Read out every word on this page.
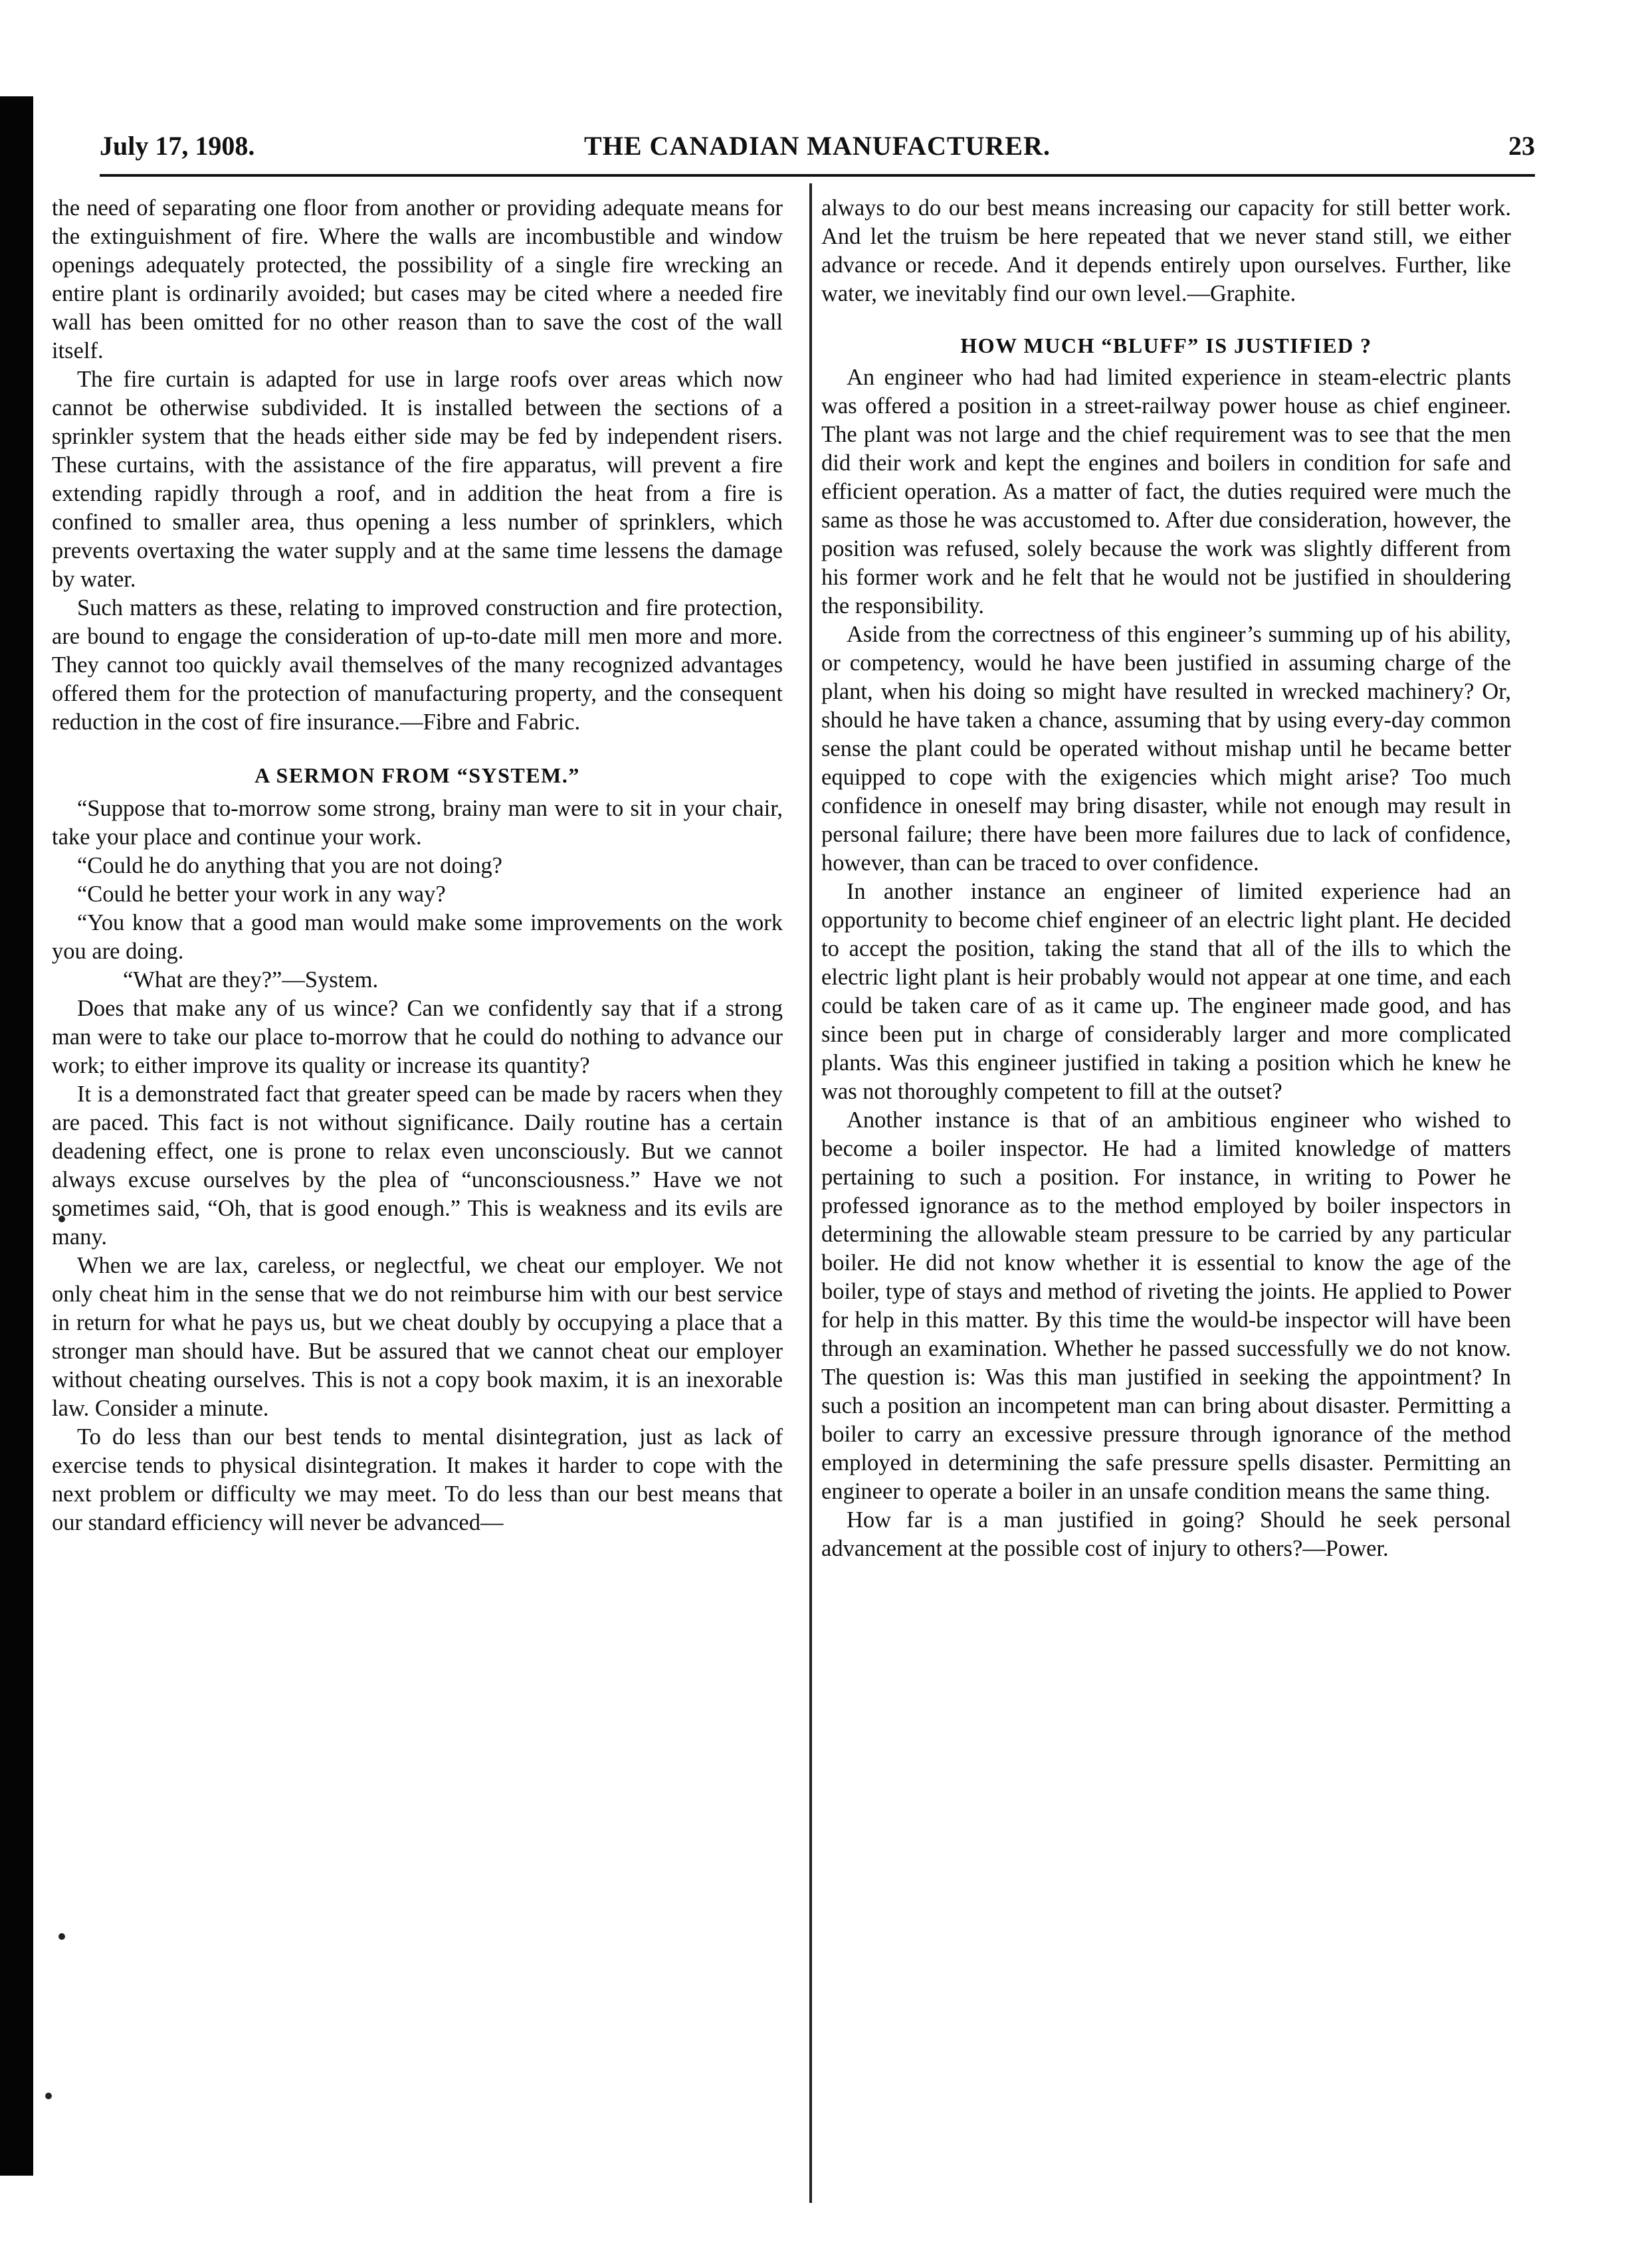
THE CANADIAN MANUFACTURER.
July 17, 1908.	23

the need of separating one floor from another or providing adequate means for the extinguishment of fire. Where the walls are incombustible and window openings adequately protected, the possibility of a single fire wrecking an entire plant is ordinarily avoided; but cases may be cited where a needed fire wall has been omitted for no other reason than to save the cost of the wall itself.

The fire curtain is adapted for use in large roofs over areas which now cannot be otherwise subdivided. It is installed between the sections of a sprinkler system that the heads either side may be fed by independent risers. These curtains, with the assistance of the fire apparatus, will prevent a fire extending rapidly through a roof, and in addition the heat from a fire is confined to smaller area, thus opening a less number of sprinklers, which prevents overtaxing the water supply and at the same time lessens the damage by water.

Such matters as these, relating to improved construction and fire protection, are bound to engage the consideration of up-to-date mill men more and more. They cannot too quickly avail themselves of the many recognized advantages offered them for the protection of manufacturing property, and the consequent reduction in the cost of fire insurance.—Fibre and Fabric.

A SERMON FROM “SYSTEM.”

“Suppose that to-morrow some strong, brainy man were to sit in your chair, take your place and continue your work.

“Could he do anything that you are not doing?

“Could he better your work in any way?

“You know that a good man would make some improvements on the work you are doing.

“What are they?”—System.

Does that make any of us wince? Can we confidently say that if a strong man were to take our place to-morrow that he could do nothing to advance our work; to either improve its quality or increase its quantity?

It is a demonstrated fact that greater speed can be made by racers when they are paced. This fact is not without significance. Daily routine has a certain deadening effect, one is prone to relax even unconsciously. But we cannot always excuse ourselves by the plea of “unconsciousness.” Have we not sometimes said, “Oh, that is good enough.” This is weakness and its evils are many.

When we are lax, careless, or neglectful, we cheat our employer. We not only cheat him in the sense that we do not reimburse him with our best service in return for what he pays us, but we cheat doubly by occupying a place that a stronger man should have. But be assured that we cannot cheat our employer without cheating ourselves. This is not a copy book maxim, it is an inexorable law. Consider a minute.

To do less than our best tends to mental disintegration, just as lack of exercise tends to physical disintegration. It makes it harder to cope with the next problem or difficulty we may meet. To do less than our best means that our standard efficiency will never be advanced—

always to do our best means increasing our capacity for still better work. And let the truism be here repeated that we never stand still, we either advance or recede. And it depends entirely upon ourselves. Further, like water, we inevitably find our own level.—Graphite.

HOW MUCH “BLUFF” IS JUSTIFIED ?

An engineer who had had limited experience in steam-electric plants was offered a position in a street-railway power house as chief engineer. The plant was not large and the chief requirement was to see that the men did their work and kept the engines and boilers in condition for safe and efficient operation. As a matter of fact, the duties required were much the same as those he was accustomed to. After due consideration, however, the position was refused, solely because the work was slightly different from his former work and he felt that he would not be justified in shouldering the responsibility.

Aside from the correctness of this engineer’s summing up of his ability, or competency, would he have been justified in assuming charge of the plant, when his doing so might have resulted in wrecked machinery? Or, should he have taken a chance, assuming that by using every-day common sense the plant could be operated without mishap until he became better equipped to cope with the exigencies which might arise? Too much confidence in oneself may bring disaster, while not enough may result in personal failure; there have been more failures due to lack of confidence, however, than can be traced to over confidence.

In another instance an engineer of limited experience had an opportunity to become chief engineer of an electric light plant. He decided to accept the position, taking the stand that all of the ills to which the electric light plant is heir probably would not appear at one time, and each could be taken care of as it came up. The engineer made good, and has since been put in charge of considerably larger and more complicated plants. Was this engineer justified in taking a position which he knew he was not thoroughly competent to fill at the outset?

Another instance is that of an ambitious engineer who wished to become a boiler inspector. He had a limited knowledge of matters pertaining to such a position. For instance, in writing to Power he professed ignorance as to the method employed by boiler inspectors in determining the allowable steam pressure to be carried by any particular boiler. He did not know whether it is essential to know the age of the boiler, type of stays and method of riveting the joints. He applied to Power for help in this matter. By this time the would-be inspector will have been through an examination. Whether he passed successfully we do not know. The question is: Was this man justified in seeking the appointment? In such a position an incompetent man can bring about disaster. Permitting a boiler to carry an excessive pressure through ignorance of the method employed in determining the safe pressure spells disaster. Permitting an engineer to operate a boiler in an unsafe condition means the same thing.

How far is a man justified in going? Should he seek personal advancement at the possible cost of injury to others?—Power.
